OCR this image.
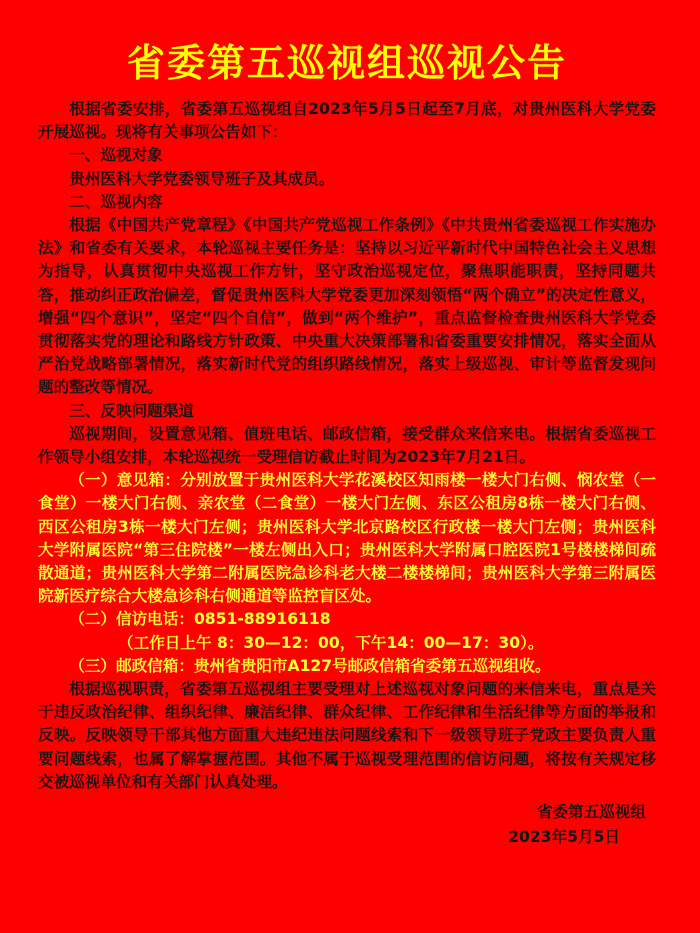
省委第五巡视组巡视公告

根据省委安排，省委第五巡视组自2023年5月5日起至7月底，对贵州医科大学党委开展巡视。现将有关事项公告如下：

一、巡视对象

贵州医科大学党委领导班子及其成员。

二、巡视内容

根据《中国共产党章程》《中国共产党巡视工作条例》《中共贵州省委巡视工作实施办法》和省委有关要求，本轮巡视主要任务是：坚持以习近平新时代中国特色社会主义思想为指导，认真贯彻中央巡视工作方针，坚守政治巡视定位，聚焦职能职责，坚持同题共答，推动纠正政治偏差，督促贵州医科大学党委更加深刻领悟“两个确立”的决定性意义，增强“四个意识”，坚定“四个自信”，做到“两个维护”，重点监督检查贵州医科大学党委贯彻落实党的理论和路线方针政策、中央重大决策部署和省委重要安排情况，落实全面从严治党战略部署情况，落实新时代党的组织路线情况，落实上级巡视、审计等监督发现问题的整改等情况。

三、反映问题渠道

巡视期间，设置意见箱、值班电话、邮政信箱，接受群众来信来电。根据省委巡视工作领导小组安排，本轮巡视统一受理信访截止时间为2023年7月21日。

（一）意见箱：分别放置于贵州医科大学花溪校区知雨楼一楼大门右侧、悯农堂（一食堂）一楼大门右侧、亲农堂（二食堂）一楼大门左侧、东区公租房8栋一楼大门右侧、西区公租房3栋一楼大门左侧；贵州医科大学北京路校区行政楼一楼大门左侧；贵州医科大学附属医院“第三住院楼”一楼左侧出入口；贵州医科大学附属口腔医院1号楼楼梯间疏散通道；贵州医科大学第二附属医院急诊科老大楼二楼楼梯间；贵州医科大学第三附属医院新医疗综合大楼急诊科右侧通道等监控盲区处。

（二）信访电话：0851-88916118

（工作日上午 8：30—12：00，下午14：00—17：30）。

（三）邮政信箱：贵州省贵阳市A127号邮政信箱省委第五巡视组收。

根据巡视职责，省委第五巡视组主要受理对上述巡视对象问题的来信来电，重点是关于违反政治纪律、组织纪律、廉洁纪律、群众纪律、工作纪律和生活纪律等方面的举报和反映。反映领导干部其他方面重大违纪违法问题线索和下一级领导班子党政主要负责人重要问题线索，也属了解掌握范围。其他不属于巡视受理范围的信访问题，将按有关规定移交被巡视单位和有关部门认真处理。

省委第五巡视组
2023年5月5日
